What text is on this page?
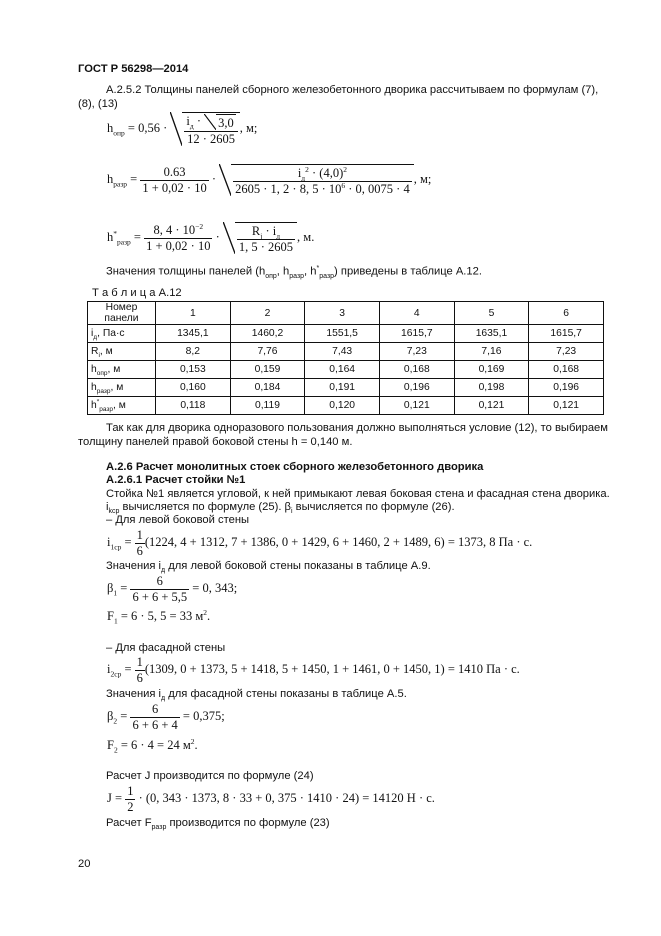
ГОСТ Р 56298—2014
А.2.5.2 Толщины панелей сборного железобетонного дворика рассчитываем по формулам (7),
(8), (13)
$h_{опр} = 0,56 \cdot \frac{i_д \cdot 3,0}{12 \cdot 2605}$ , м;
$h_{разр} = \frac{0.63}{1 + 0,02 \cdot 10} \cdot \frac{i_д^2 \cdot (4,0)^2}{2605 \cdot 1, 2 \cdot 8, 5 \cdot 10^6 \cdot 0, 0075 \cdot 4}$ , м;
$h^*_{разр} = \frac{8, 4 \cdot 10^{-2}}{1 + 0,02 \cdot 10} \cdot \frac{R_j \cdot i_д}{1, 5 \cdot 2605}$ , м.
Значения толщины панелей ($h_{опр}$, $h_{разр}$, $h^*_{разр}$) приведены в таблице А.12.
Т а б л и ц а А.12
Номер
панели	1	2	3	4	5	6
$i_д$, Па·с	1345,1	1460,2	1551,5	1615,7	1635,1	1615,7
$R_i$, м	8,2	7,76	7,43	7,23	7,16	7,23
$h_{опр}$, м	0,153	0,159	0,164	0,168	0,169	0,168
$h_{разр}$, м	0,160	0,184	0,191	0,196	0,198	0,196
$h^*_{разр}$, м	0,118	0,119	0,120	0,121	0,121	0,121
Так как для дворика одноразового пользования должно выполняться условие (12), то выбираем
толщину панелей правой боковой стены h = 0,140 м.
А.2.6 Расчет монолитных стоек сборного железобетонного дворика
А.2.6.1 Расчет стойки №1
Стойка №1 является угловой, к ней примыкают левая боковая стена и фасадная стена дворика.
$i_{kcp}$ вычисляется по формуле (25). $\beta_i$ вычисляется по формуле (26).
– Для левой боковой стены
$i_{1cp} = \frac{1}{6} (1224$, 4 + 1312, 7 + 1386, 0 + 1429, 6 + 1460, 2 + 1489, 6) = 1373, 8 Па · с.
Значения $i_д$ для левой боковой стены показаны в таблице А.9.
$\beta_1 = \frac{6}{6 + 6 + 5,5} = 0$, 343;
$F_1 = 6 \cdot 5$, 5 = 33 $м^2$.
– Для фасадной стены
$i_{2cp} = \frac{1}{6} (1309$, 0 + 1373, 5 + 1418, 5 + 1450, 1 + 1461, 0 + 1450, 1) = 1410 Па · с.
Значения $i_д$ для фасадной стены показаны в таблице А.5.
$\beta_2 = \frac{6}{6 + 6 + 4} = 0,375$;
$F_2 = 6 \cdot 4 = 24$ $м^2$.
Расчет J производится по формуле (24)
$J = \frac{1}{2} \cdot (0$, 343 · 1373, 8 · 33 + 0, 375 · 1410 · 24) = 14120 Н · с.
Расчет $F_{разр}$ производится по формуле (23)
20
